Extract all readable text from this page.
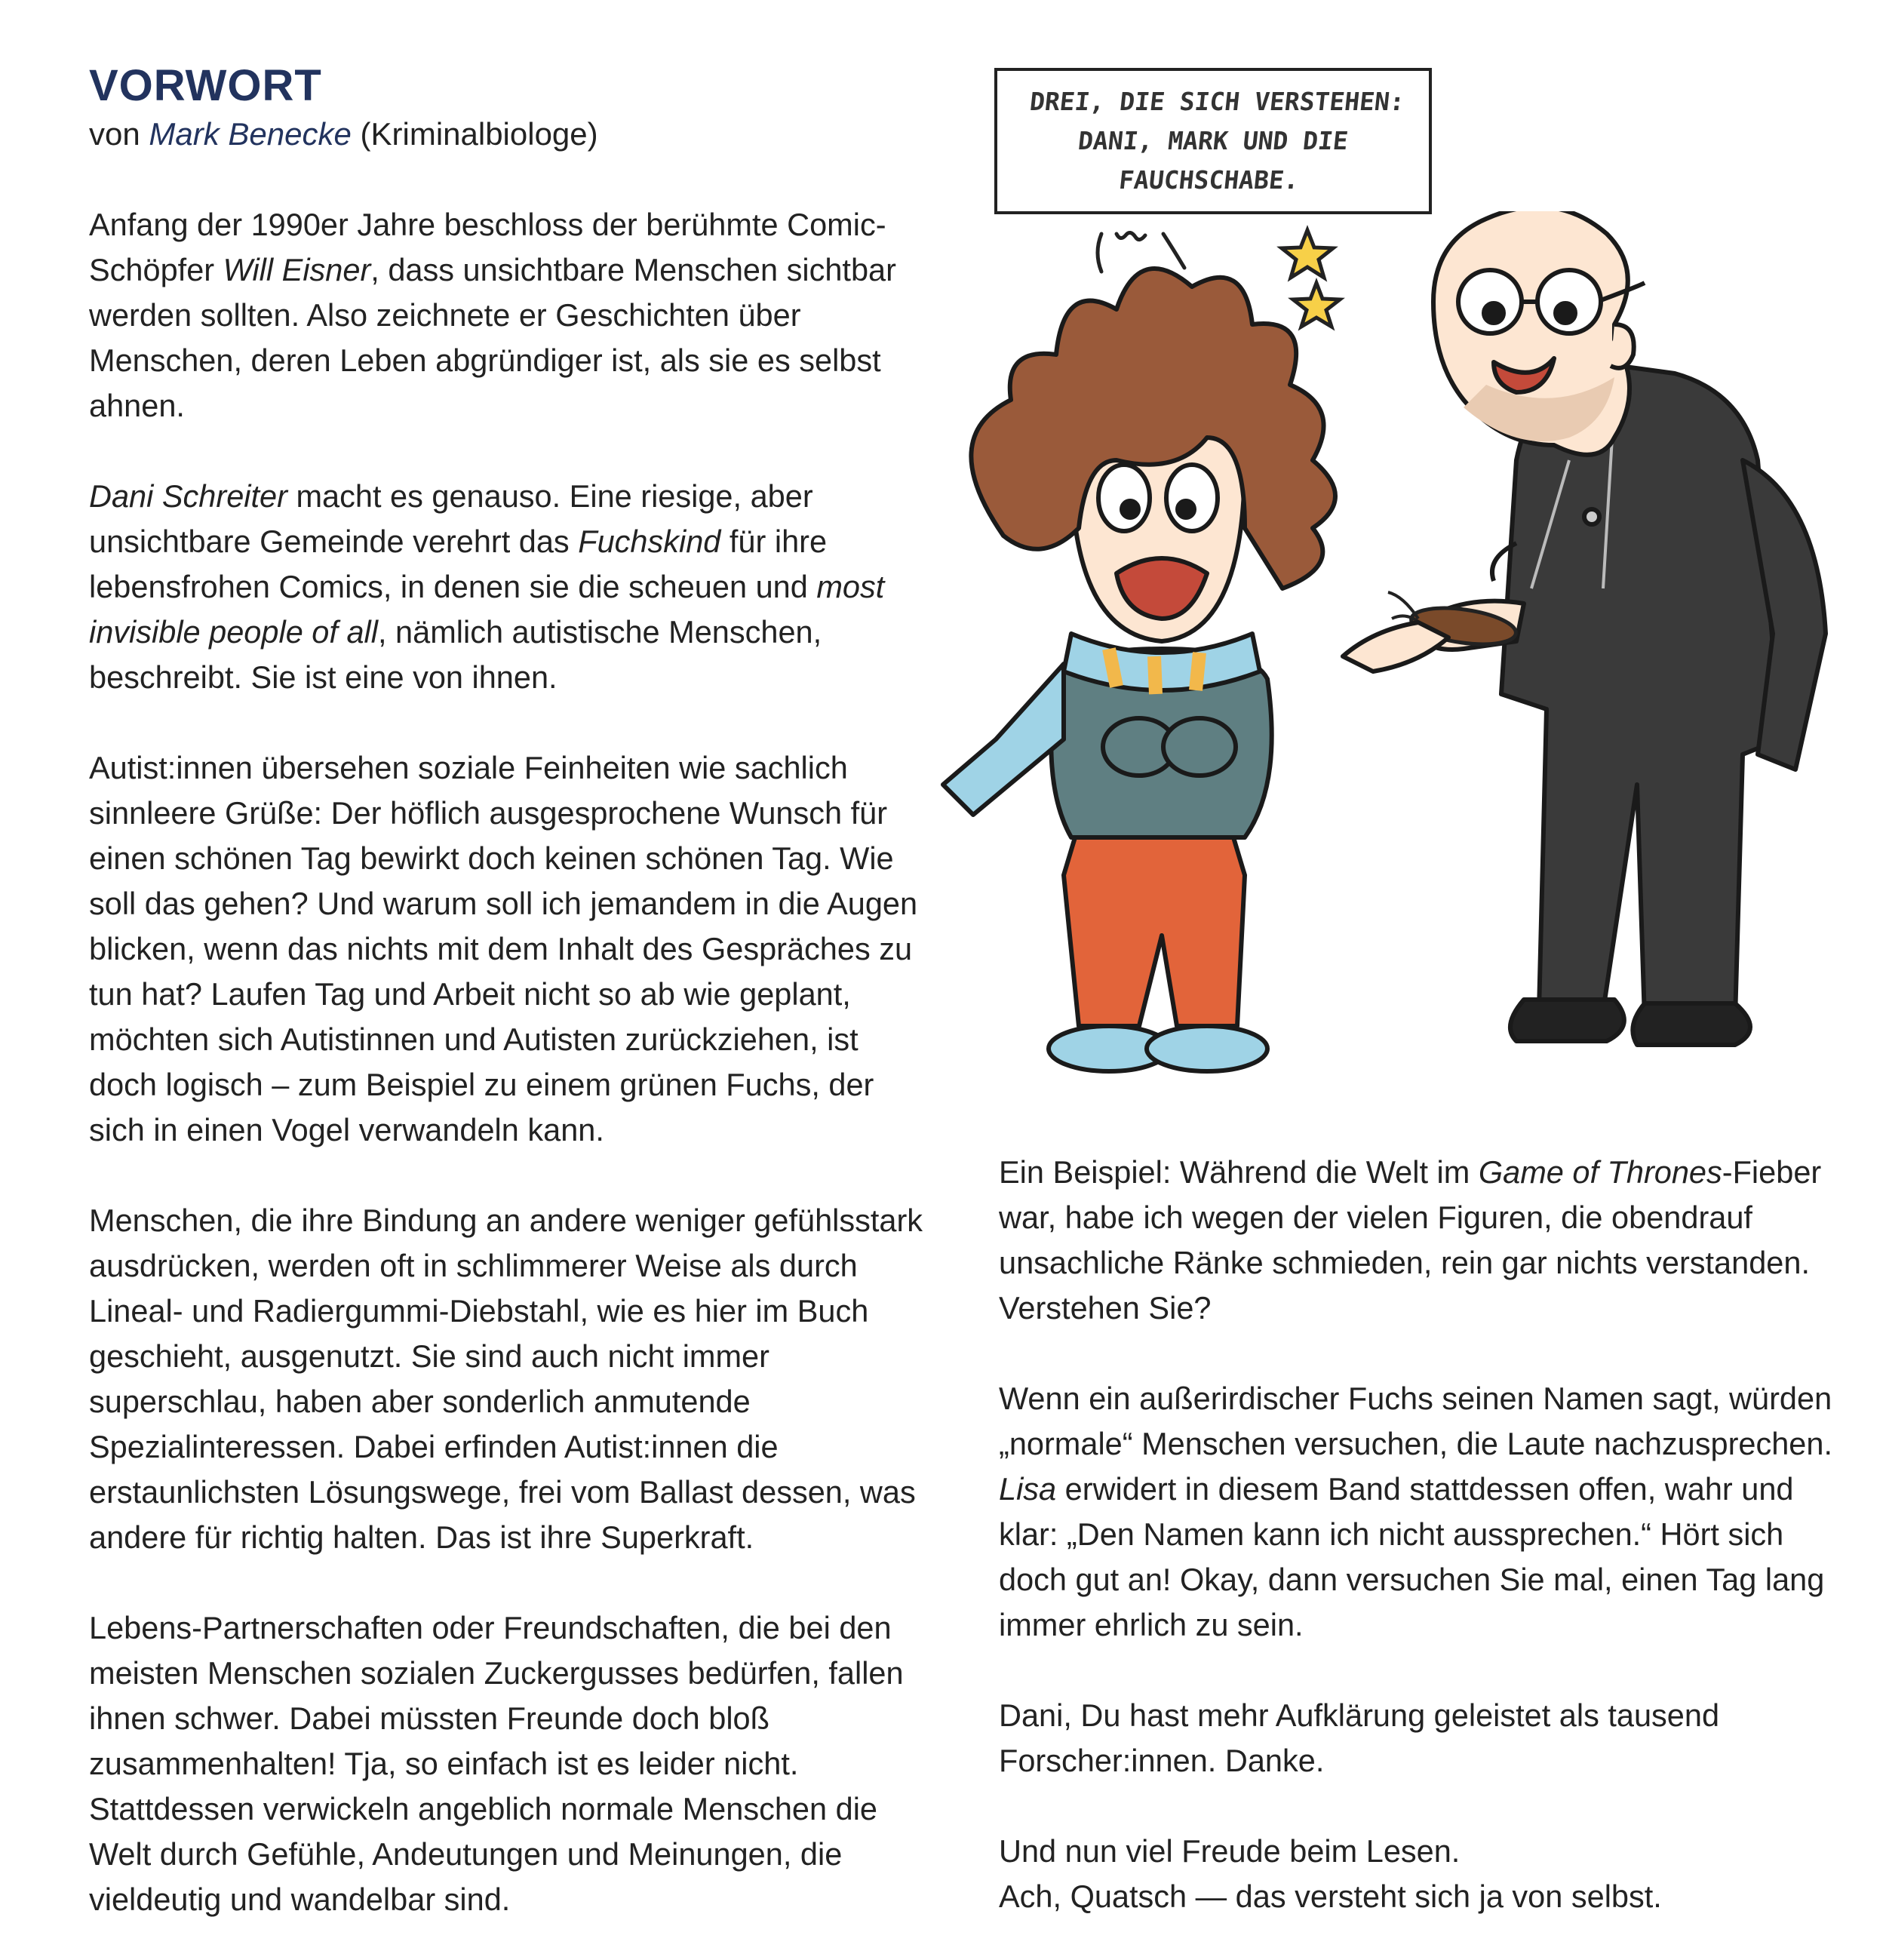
VORWORT
von Mark Benecke (Kriminalbiologe)

Anfang der 1990er Jahre beschloss der berühmte Comic-Schöpfer Will Eisner, dass unsichtbare Menschen sichtbar werden sollten. Also zeichnete er Geschichten über Menschen, deren Leben abgründiger ist, als sie es selbst ahnen.

Dani Schreiter macht es genauso. Eine riesige, aber unsichtbare Gemeinde verehrt das Fuchskind für ihre lebensfrohen Comics, in denen sie die scheuen und most invisible people of all, nämlich autistische Menschen, beschreibt. Sie ist eine von ihnen.

Autist:innen übersehen soziale Feinheiten wie sachlich sinnleere Grüße: Der höflich ausgesprochene Wunsch für einen schönen Tag bewirkt doch keinen schönen Tag. Wie soll das gehen? Und warum soll ich jemandem in die Augen blicken, wenn das nichts mit dem Inhalt des Gespräches zu tun hat? Laufen Tag und Arbeit nicht so ab wie geplant, möchten sich Autistinnen und Autisten zurückziehen, ist doch logisch – zum Beispiel zu einem grünen Fuchs, der sich in einen Vogel verwandeln kann.

Menschen, die ihre Bindung an andere weniger gefühlsstark ausdrücken, werden oft in schlimmerer Weise als durch Lineal- und Radiergummi-Diebstahl, wie es hier im Buch geschieht, ausgenutzt. Sie sind auch nicht immer superschlau, haben aber sonderlich anmutende Spezialinteressen. Dabei erfinden Autist:innen die erstaunlichsten Lösungswege, frei vom Ballast dessen, was andere für richtig halten. Das ist ihre Superkraft.

Lebens-Partnerschaften oder Freundschaften, die bei den meisten Menschen sozialen Zuckergusses bedürfen, fallen ihnen schwer. Dabei müssten Freunde doch bloß zusammenhalten! Tja, so einfach ist es leider nicht. Stattdessen verwickeln angeblich normale Menschen die Welt durch Gefühle, Andeutungen und Meinungen, die vieldeutig und wandelbar sind.

DREI, DIE SICH VERSTEHEN: DANI, MARK UND DIE FAUCHSCHABE.

Ein Beispiel: Während die Welt im Game of Thrones-Fieber war, habe ich wegen der vielen Figuren, die obendrauf unsachliche Ränke schmieden, rein gar nichts verstanden. Verstehen Sie?

Wenn ein außerirdischer Fuchs seinen Namen sagt, würden „normale“ Menschen versuchen, die Laute nachzusprechen. Lisa erwidert in diesem Band stattdessen offen, wahr und klar: „Den Namen kann ich nicht aussprechen.“ Hört sich doch gut an! Okay, dann versuchen Sie mal, einen Tag lang immer ehrlich zu sein.

Dani, Du hast mehr Aufklärung geleistet als tausend Forscher:innen. Danke.

Und nun viel Freude beim Lesen.
Ach, Quatsch — das versteht sich ja von selbst.
